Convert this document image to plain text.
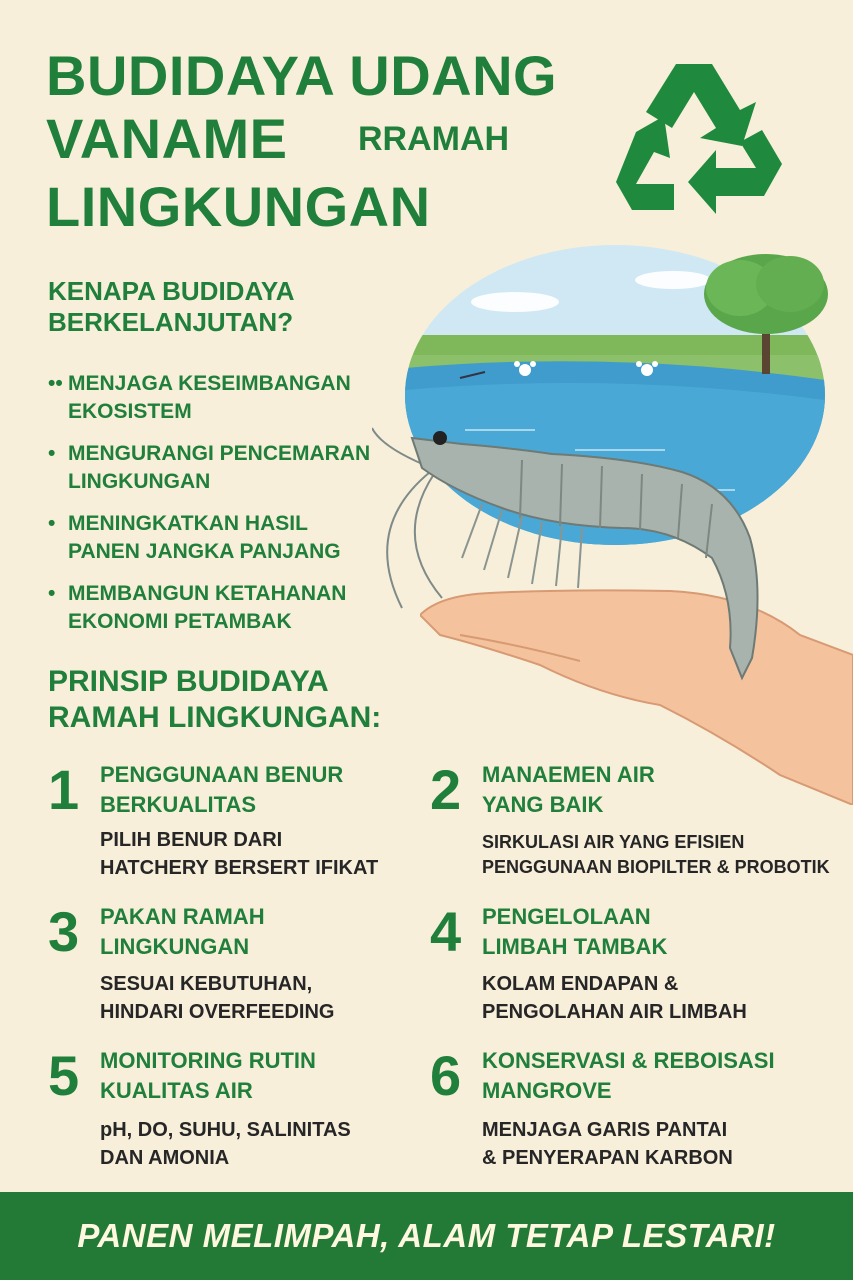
BUDIDAYA UDANG
VANAME RRAMAH
LINGKUNGAN
KENAPA BUDIDAYA
BERKELANJUTAN?
•• MENJAGA KESEIMBANGAN
EKOSISTEM
• MENGURANGI PENCEMARAN
LINGKUNGAN
• MENINGKATKAN HASIL
PANEN JANGKA PANJANG
• MEMBANGUN KETAHANAN
EKONOMI PETAMBAK
PRINSIP BUDIDAYA
RAMAH LINGKUNGAN:
1 PENGGUNAAN BENUR
BERKUALITAS
PILIH BENUR DARI
HATCHERY BERSERT IFIKAT
2 MANAEMEN AIR
YANG BAIK
SIRKULASI AIR YANG EFISIEN
PENGGUNAAN BIOPILTER & PROBOTIK
3 PAKAN RAMAH
LINGKUNGAN
SESUAI KEBUTUHAN,
HINDARI OVERFEEDING
4 PENGELOLAAN
LIMBAH TAMBAK
KOLAM ENDAPAN &
PENGOLAHAN AIR LIMBAH
5 MONITORING RUTIN
KUALITAS AIR
pH, DO, SUHU, SALINITAS
DAN AMONIA
6 KONSERVASI & REBOISASI
MANGROVE
MENJAGA GARIS PANTAI
& PENYERAPAN KARBON
PANEN MELIMPAH, ALAM TETAP LESTARI!
